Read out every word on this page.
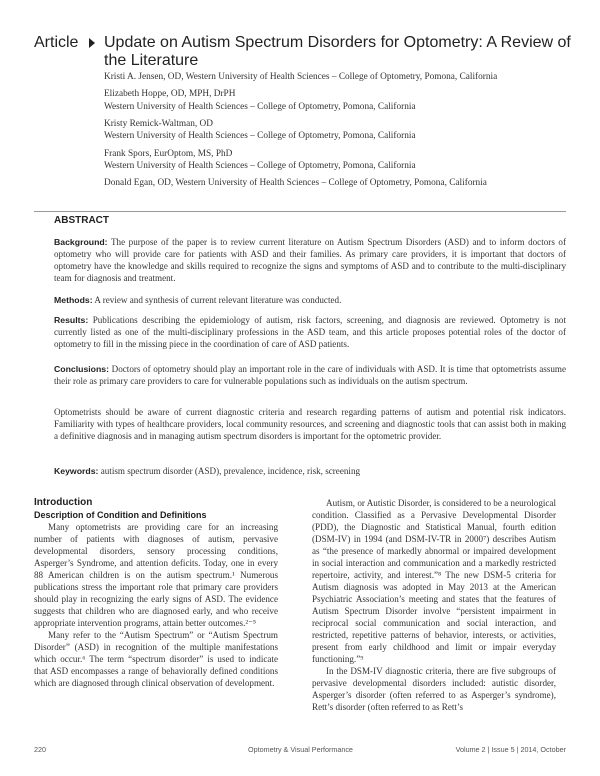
Article Update on Autism Spectrum Disorders for Optometry: A Review of the Literature
Kristi A. Jensen, OD, Western University of Health Sciences – College of Optometry, Pomona, California
Elizabeth Hoppe, OD, MPH, DrPH
Western University of Health Sciences – College of Optometry, Pomona, California
Kristy Remick-Waltman, OD
Western University of Health Sciences – College of Optometry, Pomona, California
Frank Spors, EurOptom, MS, PhD
Western University of Health Sciences – College of Optometry, Pomona, California
Donald Egan, OD, Western University of Health Sciences – College of Optometry, Pomona, California
ABSTRACT
Background: The purpose of the paper is to review current literature on Autism Spectrum Disorders (ASD) and to inform doctors of optometry who will provide care for patients with ASD and their families. As primary care providers, it is important that doctors of optometry have the knowledge and skills required to recognize the signs and symptoms of ASD and to contribute to the multi-disciplinary team for diagnosis and treatment.
Methods: A review and synthesis of current relevant literature was conducted.
Results: Publications describing the epidemiology of autism, risk factors, screening, and diagnosis are reviewed. Optometry is not currently listed as one of the multi-disciplinary professions in the ASD team, and this article proposes potential roles of the doctor of optometry to fill in the missing piece in the coordination of care of ASD patients.
Conclusions: Doctors of optometry should play an important role in the care of individuals with ASD. It is time that optometrists assume their role as primary care providers to care for vulnerable populations such as individuals on the autism spectrum.
Optometrists should be aware of current diagnostic criteria and research regarding patterns of autism and potential risk indicators. Familiarity with types of healthcare providers, local community resources, and screening and diagnostic tools that can assist both in making a definitive diagnosis and in managing autism spectrum disorders is important for the optometric provider.
Keywords: autism spectrum disorder (ASD), prevalence, incidence, risk, screening
Introduction
Description of Condition and Definitions
Many optometrists are providing care for an increasing number of patients with diagnoses of autism, pervasive developmental disorders, sensory processing conditions, Asperger’s Syndrome, and attention deficits. Today, one in every 88 American children is on the autism spectrum.¹ Numerous publications stress the important role that primary care providers should play in recognizing the early signs of ASD. The evidence suggests that children who are diagnosed early, and who receive appropriate intervention programs, attain better outcomes.²⁻⁵
Many refer to the “Autism Spectrum” or “Autism Spectrum Disorder” (ASD) in recognition of the multiple manifestations which occur.⁶ The term “spectrum disorder” is used to indicate that ASD encompasses a range of behaviorally defined conditions which are diagnosed through clinical observation of development.
Autism, or Autistic Disorder, is considered to be a neurological condition. Classified as a Pervasive Developmental Disorder (PDD), the Diagnostic and Statistical Manual, fourth edition (DSM-IV) in 1994 (and DSM-IV-TR in 2000⁷) describes Autism as “the presence of markedly abnormal or impaired development in social interaction and communication and a markedly restricted repertoire, activity, and interest.”⁸ The new DSM-5 criteria for Autism diagnosis was adopted in May 2013 at the American Psychiatric Association’s meeting and states that the features of Autism Spectrum Disorder involve “persistent impairment in reciprocal social communication and social interaction, and restricted, repetitive patterns of behavior, interests, or activities, present from early childhood and limit or impair everyday functioning.”⁹
In the DSM-IV diagnostic criteria, there are five subgroups of pervasive developmental disorders included: autistic disorder, Asperger’s disorder (often referred to as Asperger’s syndrome), Rett’s disorder (often referred to as Rett’s
220	Optometry & Visual Performance	Volume 2 | Issue 5 | 2014, October
